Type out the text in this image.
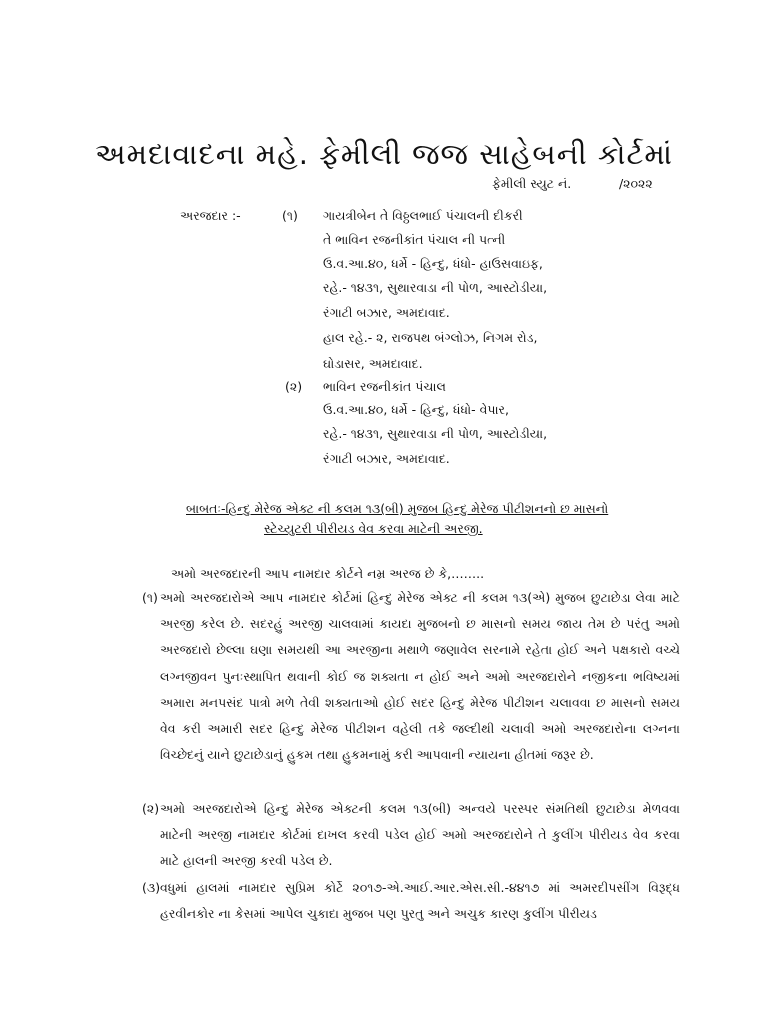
અમદાવાદના મહે. ફેમીલી જજ સાહેબની કોર્ટમાં
ફેમીલી સ્યુટ નં.            /૨૦૨૨
અરજદાર :-	(૧) ગાયત્રીબેન તે વિઠ્ઠલભાઈ પંચાલની દીકરી
તે ભાવિન રજનીકાંત પંચાલ ની પત્ની
ઉ.વ.આ.૪૦, ધર્મે - હિન્દુ, ધંધો- હાઉસવાઇફ,
રહે.- ૧૪૩૧, સુથારવાડા ની પોળ, આસ્ટોડીયા,
રંગાટી બઝાર, અમદાવાદ.
હાલ રહે.- ૨, રાજપથ બંગ્લોઝ, નિગમ રોડ,
ઘોડાસર, અમદાવાદ.
(૨) ભાવિન રજનીકાંત પંચાલ
ઉ.વ.આ.૪૦, ધર્મે - હિન્દુ, ધંધો- વેપાર,
રહે.- ૧૪૩૧, સુથારવાડા ની પોળ, આસ્ટોડીયા,
રંગાટી બઝાર, અમદાવાદ.
બાબતઃ-હિન્દુ મેરેજ એક્ટ ની કલમ ૧૩(બી) મુજબ હિન્દુ મેરેજ પીટીશનનો છ માસનો
સ્ટેચ્યુટરી પીરીયડ વેવ કરવા માટેની અરજી.
અમો અરજદારની આપ નામદાર કોર્ટને નમ્ર અરજ છે કે,……..
(૧) અમો અરજદારોએ આપ નામદાર કોર્ટમાં હિન્દુ મેરેજ એક્ટ ની કલમ ૧૩(એ) મુજબ છુટાછેડા લેવા માટે અરજી કરેલ છે. સદરહું અરજી ચાલવામાં કાયદા મુજબનો છ માસનો સમય જાય તેમ છે પરંતુ અમો અરજદારો છેલ્લા ઘણા સમયથી આ અરજીના મથાળે જણાવેલ સરનામે રહેતા હોઈ અને પક્ષકારો વચ્ચે લગ્નજીવન પુનઃસ્થાપિત થવાની કોઈ જ શક્યતા ન હોઈ અને અમો અરજદારોને નજીકના ભવિષ્યમાં અમારા મનપસંદ પાત્રો મળે તેવી શક્યતાઓ હોઈ સદર હિન્દુ મેરેજ પીટીશન ચલાવવા છ માસનો સમય વેવ કરી અમારી સદર હિન્દુ મેરેજ પીટીશન વહેલી તકે જલ્દીથી ચલાવી અમો અરજદારોના લગ્નના વિચ્છેદનું યાને છુટાછેડાનું હુકમ તથા હુકમનામું કરી આપવાની ન્યાયના હીતમાં જરૂર છે.
(૨) અમો અરજદારોએ હિન્દુ મેરેજ એક્ટની કલમ ૧૩(બી) અન્વયે પરસ્પર સંમતિથી છુટાછેડા મેળવવા માટેની અરજી નામદાર કોર્ટમાં દાખલ કરવી પડેલ હોઈ અમો અરજદારોને તે કુલીંગ પીરીયડ વેવ કરવા માટે હાલની અરજી કરવી પડેલ છે.
(૩) વધુમાં હાલમાં નામદાર સુપ્રિમ કોર્ટે ૨૦૧૭-એ.આઈ.આર.એસ.સી.-૪૪૧૭ માં અમરદીપસીંગ વિરૂદ્ધ હરવીનકોર ના કેસમાં આપેલ ચુકાદા મુજબ પણ પુરતુ અને અચુક કારણ કુલીંગ પીરીયડ
